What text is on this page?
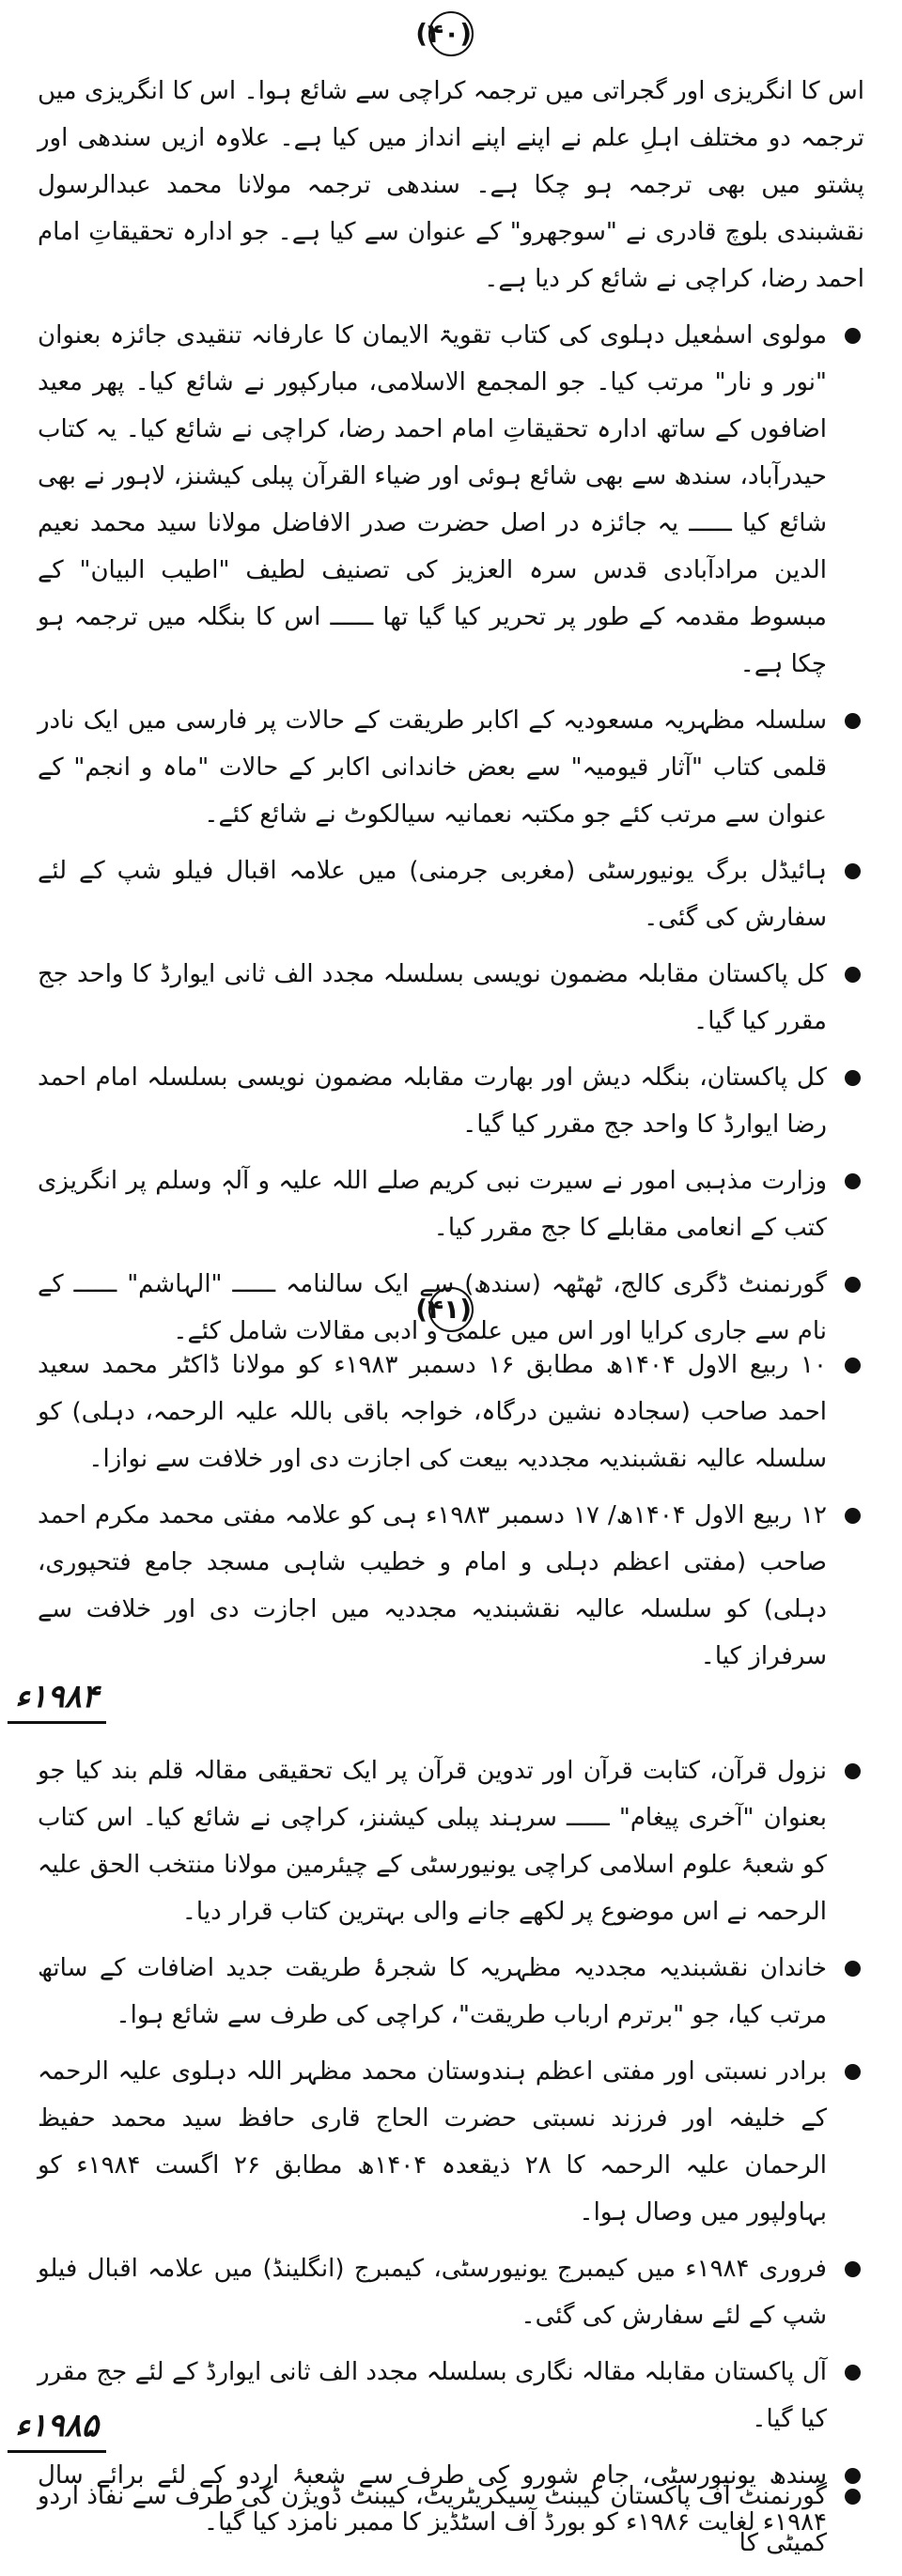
(۴۰)

اس کا انگریزی اور گجراتی میں ترجمہ کراچی سے شائع ہوا۔ اس کا انگریزی میں ترجمہ دو مختلف اہلِ علم نے اپنے اپنے انداز میں کیا ہے۔ علاوہ ازیں سندھی اور پشتو میں بھی ترجمہ ہو چکا ہے۔ سندھی ترجمہ مولانا محمد عبدالرسول نقشبندی بلوچ قادری نے "سوجھرو" کے عنوان سے کیا ہے۔ جو ادارہ تحقیقاتِ امام احمد رضا، کراچی نے شائع کر دیا ہے۔

مولوی اسمٰعیل دہلوی کی کتاب تقویۃ الایمان کا عارفانہ تنقیدی جائزہ بعنوان "نور و نار" مرتب کیا۔ جو المجمع الاسلامی، مبارکپور نے شائع کیا۔ پھر معید اضافوں کے ساتھ ادارہ تحقیقاتِ امام احمد رضا، کراچی نے شائع کیا۔ یہ کتاب حیدرآباد، سندھ سے بھی شائع ہوئی اور ضیاء القرآن پبلی کیشنز، لاہور نے بھی شائع کیا ــــــ یہ جائزہ در اصل حضرت صدر الافاضل مولانا سید محمد نعیم الدین مرادآبادی قدس سرہ العزیز کی تصنیف لطیف "اطیب البیان" کے مبسوط مقدمہ کے طور پر تحریر کیا گیا تھا ــــــ اس کا بنگلہ میں ترجمہ ہو چکا ہے۔

سلسلہ مظہریہ مسعودیہ کے اکابر طریقت کے حالات پر فارسی میں ایک نادر قلمی کتاب "آثار قیومیہ" سے بعض خاندانی اکابر کے حالات "ماہ و انجم" کے عنوان سے مرتب کئے جو مکتبہ نعمانیہ سیالکوٹ نے شائع کئے۔

ہائیڈل برگ یونیورسٹی (مغربی جرمنی) میں علامہ اقبال فیلو شپ کے لئے سفارش کی گئی۔

کل پاکستان مقابلہ مضمون نویسی بسلسلہ مجدد الف ثانی ایوارڈ کا واحد جج مقرر کیا گیا۔

کل پاکستان، بنگلہ دیش اور بھارت مقابلہ مضمون نویسی بسلسلہ امام احمد رضا ایوارڈ کا واحد جج مقرر کیا گیا۔

وزارت مذہبی امور نے سیرت نبی کریم صلے اللہ علیہ و آلہٖ وسلم پر انگریزی کتب کے انعامی مقابلے کا جج مقرر کیا۔

گورنمنٹ ڈگری کالج، ٹھٹھہ (سندھ) سے ایک سالنامہ ــــــ "الہاشم" ــــــ کے نام سے جاری کرایا اور اس میں علمی و ادبی مقالات شامل کئے۔

(۴۱)

۱۰ ربیع الاول ۱۴۰۴ھ مطابق ۱۶ دسمبر ۱۹۸۳ء کو مولانا ڈاکٹر محمد سعید احمد صاحب (سجادہ نشین درگاہ، خواجہ باقی باللہ علیہ الرحمہ، دہلی) کو سلسلہ عالیہ نقشبندیہ مجددیہ بیعت کی اجازت دی اور خلافت سے نوازا۔

۱۲ ربیع الاول ۱۴۰۴ھ/ ۱۷ دسمبر ۱۹۸۳ء ہی کو علامہ مفتی محمد مکرم احمد صاحب (مفتی اعظم دہلی و امام و خطیب شاہی مسجد جامع فتحپوری، دہلی) کو سلسلہ عالیہ نقشبندیہ مجددیہ میں اجازت دی اور خلافت سے سرفراز کیا۔

۱۹۸۴ء

نزول قرآن، کتابت قرآن اور تدوین قرآن پر ایک تحقیقی مقالہ قلم بند کیا جو بعنوان "آخری پیغام" ــــــ سرہند پبلی کیشنز، کراچی نے شائع کیا۔ اس کتاب کو شعبۂ علوم اسلامی کراچی یونیورسٹی کے چیئرمین مولانا منتخب الحق علیہ الرحمہ نے اس موضوع پر لکھے جانے والی بہترین کتاب قرار دیا۔

خاندان نقشبندیہ مجددیہ مظہریہ کا شجرۂ طریقت جدید اضافات کے ساتھ مرتب کیا، جو "برترم ارباب طریقت"، کراچی کی طرف سے شائع ہوا۔

برادر نسبتی اور مفتی اعظم ہندوستان محمد مظہر اللہ دہلوی علیہ الرحمہ کے خلیفہ اور فرزند نسبتی حضرت الحاج قاری حافظ سید محمد حفیظ الرحمان علیہ الرحمہ کا ۲۸ ذیقعدہ ۱۴۰۴ھ مطابق ۲۶ اگست ۱۹۸۴ء کو بہاولپور میں وصال ہوا۔

فروری ۱۹۸۴ء میں کیمبرج یونیورسٹی، کیمبرج (انگلینڈ) میں علامہ اقبال فیلو شپ کے لئے سفارش کی گئی۔

آل پاکستان مقابلہ مقالہ نگاری بسلسلہ مجدد الف ثانی ایوارڈ کے لئے جج مقرر کیا گیا۔

سندھ یونیورسٹی، جام شورو کی طرف سے شعبۂ اردو کے لئے برائے سال ۱۹۸۴ء لغایت ۱۹۸۶ء کو بورڈ آف اسٹڈیز کا ممبر نامزد کیا گیا۔

۱۹۸۵ء

گورنمنٹ آف پاکستان کیبنٹ سیکریٹریٹ، کیبنٹ ڈویژن کی طرف سے نفاذ اردو کمیٹی کا
